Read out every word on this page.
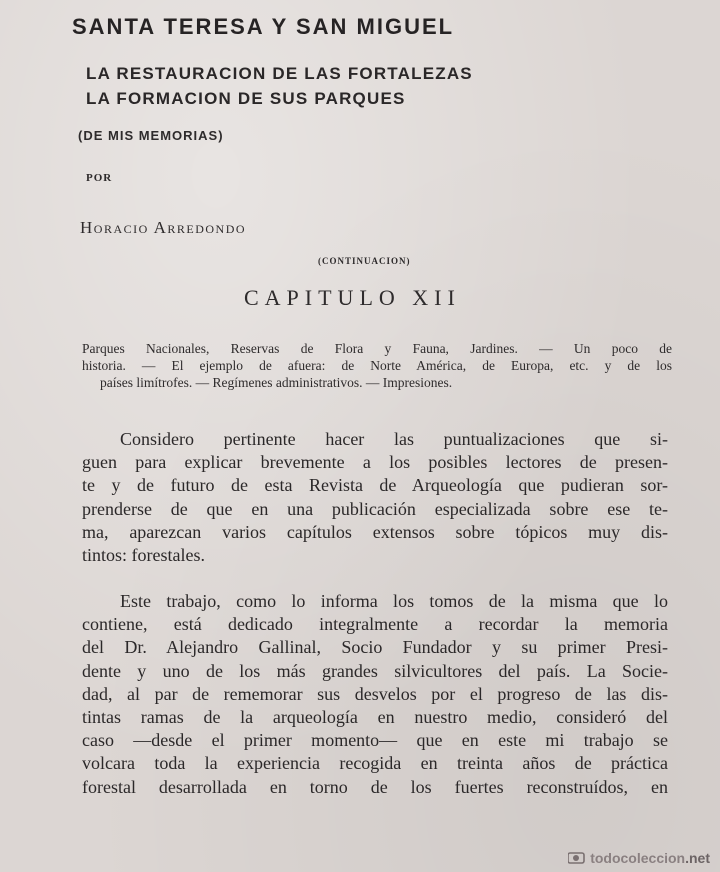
SANTA TERESA Y SAN MIGUEL
LA RESTAURACION DE LAS FORTALEZAS
LA FORMACION DE SUS PARQUES
(DE MIS MEMORIAS)
POR
Horacio Arredondo
(CONTINUACION)
CAPITULO XII
Parques Nacionales, Reservas de Flora y Fauna, Jardines. — Un poco de
historia. — El ejemplo de afuera: de Norte América, de Europa, etc. y de los
países limítrofes. — Regímenes administrativos. — Impresiones.
Considero pertinente hacer las puntualizaciones que si-
guen para explicar brevemente a los posibles lectores de presen-
te y de futuro de esta Revista de Arqueología que pudieran sor-
prenderse de que en una publicación especializada sobre ese te-
ma, aparezcan varios capítulos extensos sobre tópicos muy dis-
tintos: forestales.
Este trabajo, como lo informa los tomos de la misma que lo
contiene, está dedicado integralmente a recordar la memoria
del Dr. Alejandro Gallinal, Socio Fundador y su primer Presi-
dente y uno de los más grandes silvicultores del país. La Socie-
dad, al par de rememorar sus desvelos por el progreso de las dis-
tintas ramas de la arqueología en nuestro medio, consideró del
caso —desde el primer momento— que en este mi trabajo se
volcara toda la experiencia recogida en treinta años de práctica
forestal desarrollada en torno de los fuertes reconstruídos, en
todocoleccion.net
